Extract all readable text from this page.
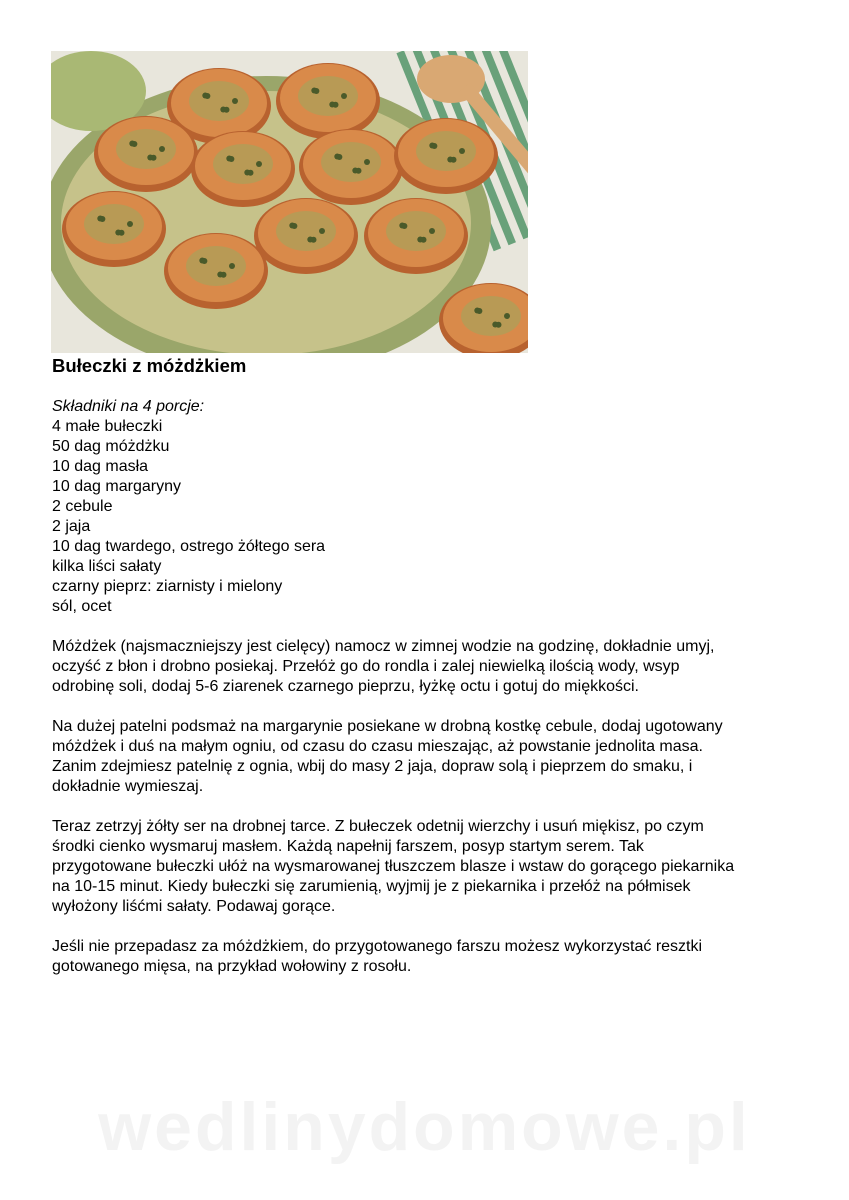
Bułeczki z móżdżkiem
Składniki na 4 porcje:
4 małe bułeczki
50 dag móżdżku
10 dag masła
10 dag margaryny
2 cebule
2 jaja
10 dag twardego, ostrego żółtego sera
kilka liści sałaty
czarny pieprz: ziarnisty i mielony
sól, ocet

Móżdżek (najsmaczniejszy jest cielęcy) namocz w zimnej wodzie na godzinę, dokładnie umyj,
oczyść z błon i drobno posiekaj. Przełóż go do rondla i zalej niewielką ilością wody, wsyp
odrobinę soli, dodaj 5-6 ziarenek czarnego pieprzu, łyżkę octu i gotuj do miękkości.

Na dużej patelni podsmaż na margarynie posiekane w drobną kostkę cebule, dodaj ugotowany
móżdżek i duś na małym ogniu, od czasu do czasu mieszając, aż powstanie jednolita masa.
Zanim zdejmiesz patelnię z ognia, wbij do masy 2 jaja, dopraw solą i pieprzem do smaku, i
dokładnie wymieszaj.

Teraz zetrzyj żółty ser na drobnej tarce. Z bułeczek odetnij wierzchy i usuń miękisz, po czym
środki cienko wysmaruj masłem. Każdą napełnij farszem, posyp startym serem. Tak
przygotowane bułeczki ułóż na wysmarowanej tłuszczem blasze i wstaw do gorącego piekarnika
na 10-15 minut. Kiedy bułeczki się zarumienią, wyjmij je z piekarnika i przełóż na półmisek
wyłożony liśćmi sałaty. Podawaj gorące.

Jeśli nie przepadasz za móżdżkiem, do przygotowanego farszu możesz wykorzystać resztki
gotowanego mięsa, na przykład wołowiny z rosołu.

wedlinydomowe.pl
